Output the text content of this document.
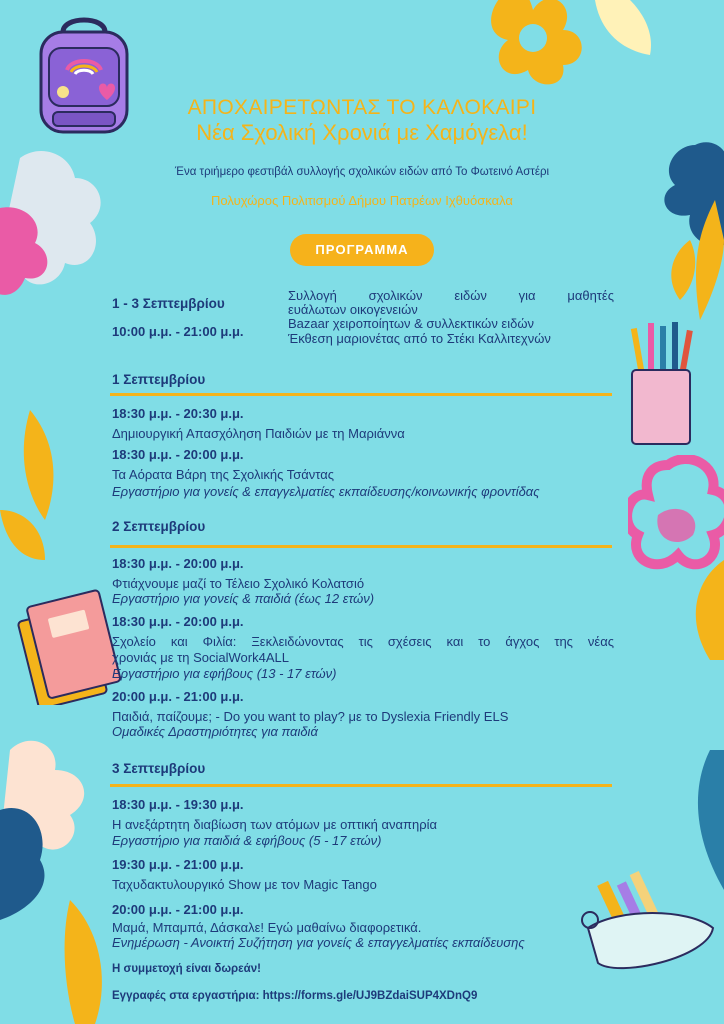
ΑΠΟΧΑΙΡΕΤΩΝΤΑΣ ΤΟ ΚΑΛΟΚΑΙΡΙ
Νέα Σχολική Χρονιά με Χαμόγελα!
Ένα τριήμερο φεστιβάλ συλλογής σχολικών ειδών από Το Φωτεινό Αστέρι
Πολυχώρος Πολιτισμού Δήμου Πατρέων Ιχθυόσκαλα
ΠΡΟΓΡΑΜΜΑ
1 - 3 Σεπτεμβρίου
10:00 μ.μ. - 21:00 μ.μ.
Συλλογή σχολικών ειδών για μαθητές
ευάλωτων οικογενειών
Bazaar χειροποίητων & συλλεκτικών ειδών
Έκθεση μαριονέτας από το Στέκι Καλλιτεχνών
1 Σεπτεμβρίου
18:30 μ.μ. - 20:30 μ.μ.
Δημιουργική Απασχόληση Παιδιών με τη Μαριάννα
18:30 μ.μ. - 20:00 μ.μ.
Τα Αόρατα Βάρη της Σχολικής Τσάντας
Εργαστήριο για γονείς & επαγγελματίες εκπαίδευσης/κοινωνικής φροντίδας
2 Σεπτεμβρίου
18:30 μ.μ. - 20:00 μ.μ.
Φτιάχνουμε μαζί το Τέλειο Σχολικό Κολατσιό
Εργαστήριο για γονείς & παιδιά (έως 12 ετών)
18:30 μ.μ. - 20:00 μ.μ.
Σχολείο και Φιλία: Ξεκλειδώνοντας τις σχέσεις και το άγχος της νέας
χρονιάς με τη SocialWork4ALL
Εργαστήριο για εφήβους (13 - 17 ετών)
20:00 μ.μ. - 21:00 μ.μ.
Παιδιά, παίζουμε; - Do you want to play? με το Dyslexia Friendly ELS
Ομαδικές Δραστηριότητες για παιδιά
3 Σεπτεμβρίου
18:30 μ.μ. - 19:30 μ.μ.
Η ανεξάρτητη διαβίωση των ατόμων με οπτική αναπηρία
Εργαστήριο για παιδιά & εφήβους (5 - 17 ετών)
19:30 μ.μ. - 21:00 μ.μ.
Ταχυδακτυλουργικό Show με τον Magic Tango
20:00 μ.μ. - 21:00 μ.μ.
Μαμά, Μπαμπά, Δάσκαλε! Εγώ μαθαίνω διαφορετικά.
Ενημέρωση - Ανοικτή Συζήτηση για γονείς & επαγγελματίες εκπαίδευσης
Η συμμετοχή είναι δωρεάν!
Εγγραφές στα εργαστήρια: https://forms.gle/UJ9BZdaiSUP4XDnQ9
